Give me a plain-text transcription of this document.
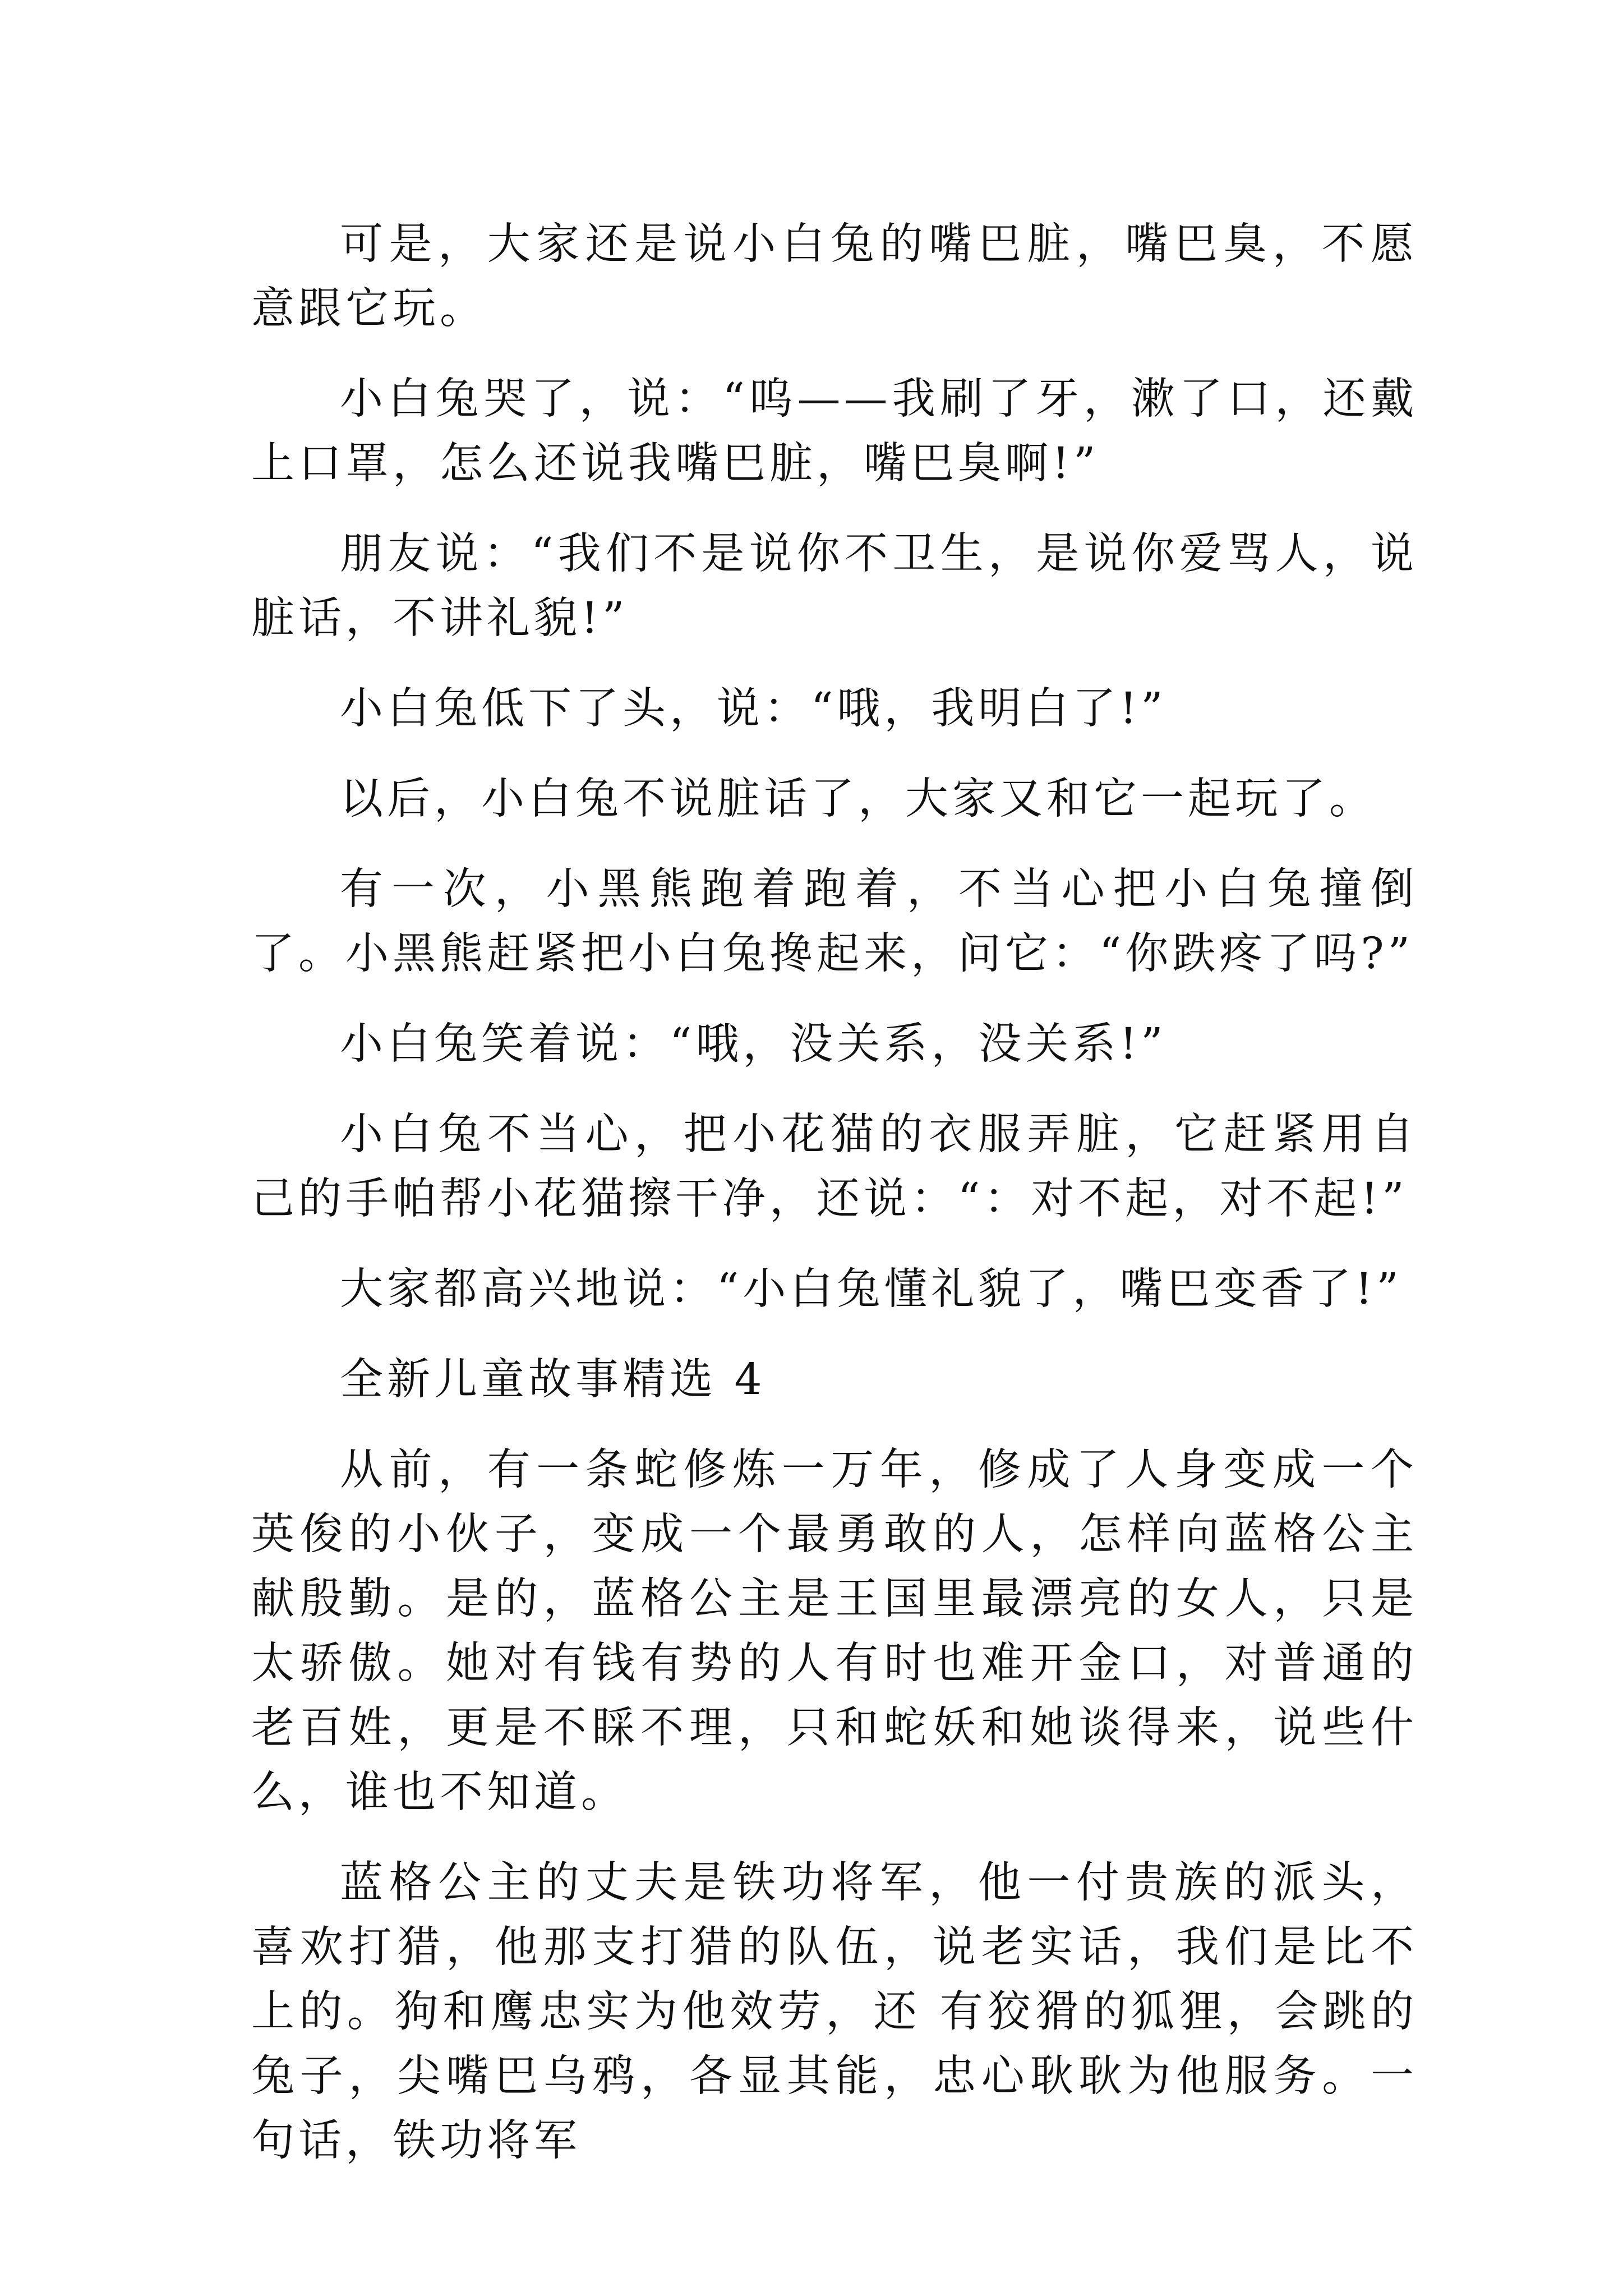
可是，大家还是说小白兔的嘴巴脏，嘴巴臭，不愿意跟它玩。

小白兔哭了，说：“呜——我刷了牙，漱了口，还戴上口罩，怎么还说我嘴巴脏，嘴巴臭啊!”

朋友说：“我们不是说你不卫生，是说你爱骂人，说脏话，不讲礼貌!”

小白兔低下了头，说：“哦，我明白了!”

以后，小白兔不说脏话了，大家又和它一起玩了。

有一次，小黑熊跑着跑着，不当心把小白兔撞倒了。小黑熊赶紧把小白兔搀起来，问它：“你跌疼了吗?”

小白兔笑着说：“哦，没关系，没关系!”

小白兔不当心，把小花猫的衣服弄脏，它赶紧用自己的手帕帮小花猫擦干净，还说：“：对不起，对不起!”

大家都高兴地说：“小白兔懂礼貌了，嘴巴变香了!”

全新儿童故事精选 4

从前，有一条蛇修炼一万年，修成了人身变成一个英俊的小伙子，变成一个最勇敢的人，怎样向蓝格公主献殷勤。是的，蓝格公主是王国里最漂亮的女人，只是太骄傲。她对有钱有势的人有时也难开金口，对普通的老百姓，更是不睬不理，只和蛇妖和她谈得来，说些什么，谁也不知道。

蓝格公主的丈夫是铁功将军，他一付贵族的派头，喜欢打猎，他那支打猎的队伍，说老实话，我们是比不上的。狗和鹰忠实为他效劳，还 有狡猾的狐狸，会跳的兔子，尖嘴巴乌鸦，各显其能，忠心耿耿为他服务。一句话，铁功将军
